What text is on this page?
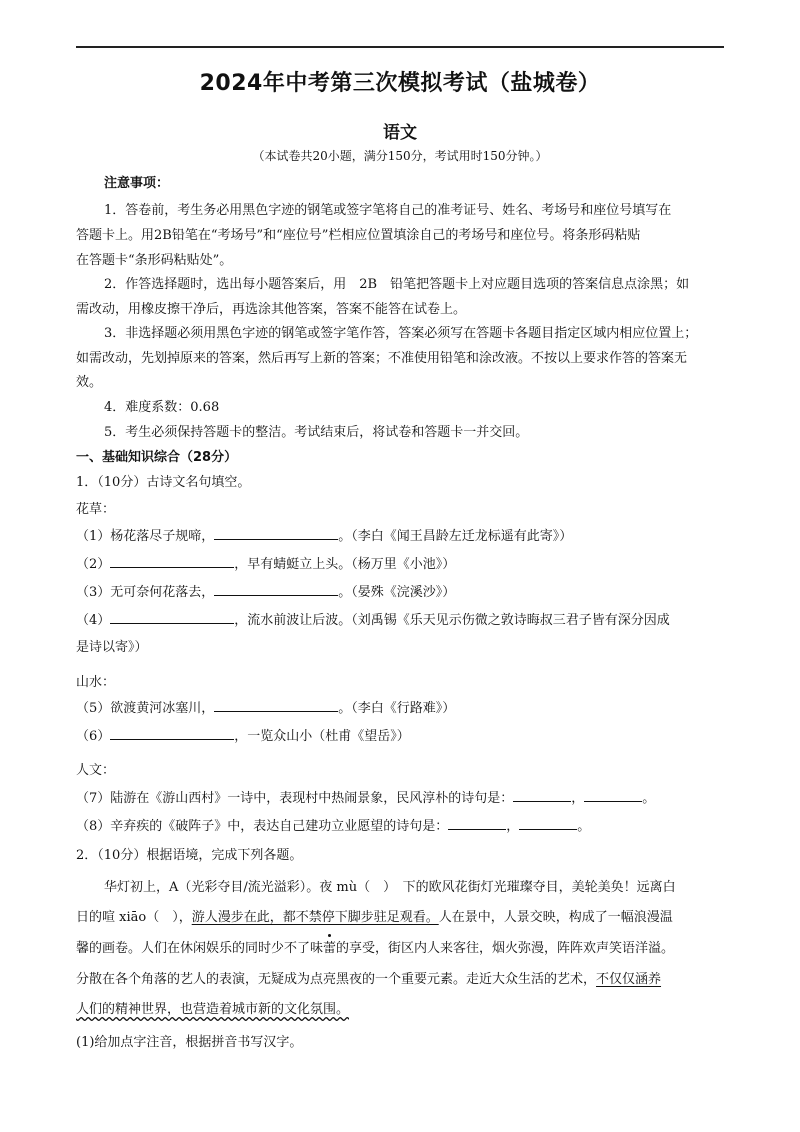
2024年中考第三次模拟考试（盐城卷）
语文
（本试卷共20小题，满分150分，考试用时150分钟。）
注意事项：
1．答卷前，考生务必用黑色字迹的钢笔或签字笔将自己的准考证号、姓名、考场号和座位号填写在
答题卡上。用2B铅笔在“考场号”和“座位号”栏相应位置填涂自己的考场号和座位号。将条形码粘贴
在答题卡“条形码粘贴处”。
2．作答选择题时，选出每小题答案后，用　2B　铅笔把答题卡上对应题目选项的答案信息点涂黑；如
需改动，用橡皮擦干净后，再选涂其他答案，答案不能答在试卷上。
3．非选择题必须用黑色字迹的钢笔或签字笔作答，答案必须写在答题卡各题目指定区域内相应位置上；
如需改动，先划掉原来的答案，然后再写上新的答案；不准使用铅笔和涂改液。不按以上要求作答的答案无
效。
4．难度系数：0.68
5．考生必须保持答题卡的整洁。考试结束后，将试卷和答题卡一并交回。
一、基础知识综合（28分）
1．（10分）古诗文名句填空。
花草：
（1）杨花落尽子规啼，	。（李白《闻王昌龄左迁龙标遥有此寄》）
（2）	，早有蜻蜓立上头。（杨万里《小池》）
（3）无可奈何花落去，	。（晏殊《浣溪沙》）
（4）	，流水前波让后波。（刘禹锡《乐天见示伤微之敦诗晦叔三君子皆有深分因成
是诗以寄》）
山水：
（5）欲渡黄河冰塞川，	。（李白《行路难》）
（6）	，一览众山小（杜甫《望岳》）
人文：
（7）陆游在《游山西村》一诗中，表现村中热闹景象，民风淳朴的诗句是：	，	。
（8）辛弃疾的《破阵子》中，表达自己建功立业愿望的诗句是：	，	。
2．（10分）根据语境，完成下列各题。
华灯初上，A（光彩夺目/流光溢彩）。夜 mù（　）　下的欧风花街灯光璀璨夺目，美轮美奂！远离白
日的喧 xiāo（　），游人漫步在此，都不禁停下脚步驻足观看。人在景中，人景交映，构成了一幅浪漫温
馨的画卷。人们在休闲娱乐的同时少不了味蕾
的享受，街区内人来客往，烟火弥漫，阵阵欢声笑语洋溢。
分散在各个角落的艺人的表演，无疑成为点亮黑夜的一个重要元素。走近大众生活的艺术，不仅仅涵养
人们的精神世界，也营造着城市新的文化氛围。
(1)给加点字注音，根据拼音书写汉字。
